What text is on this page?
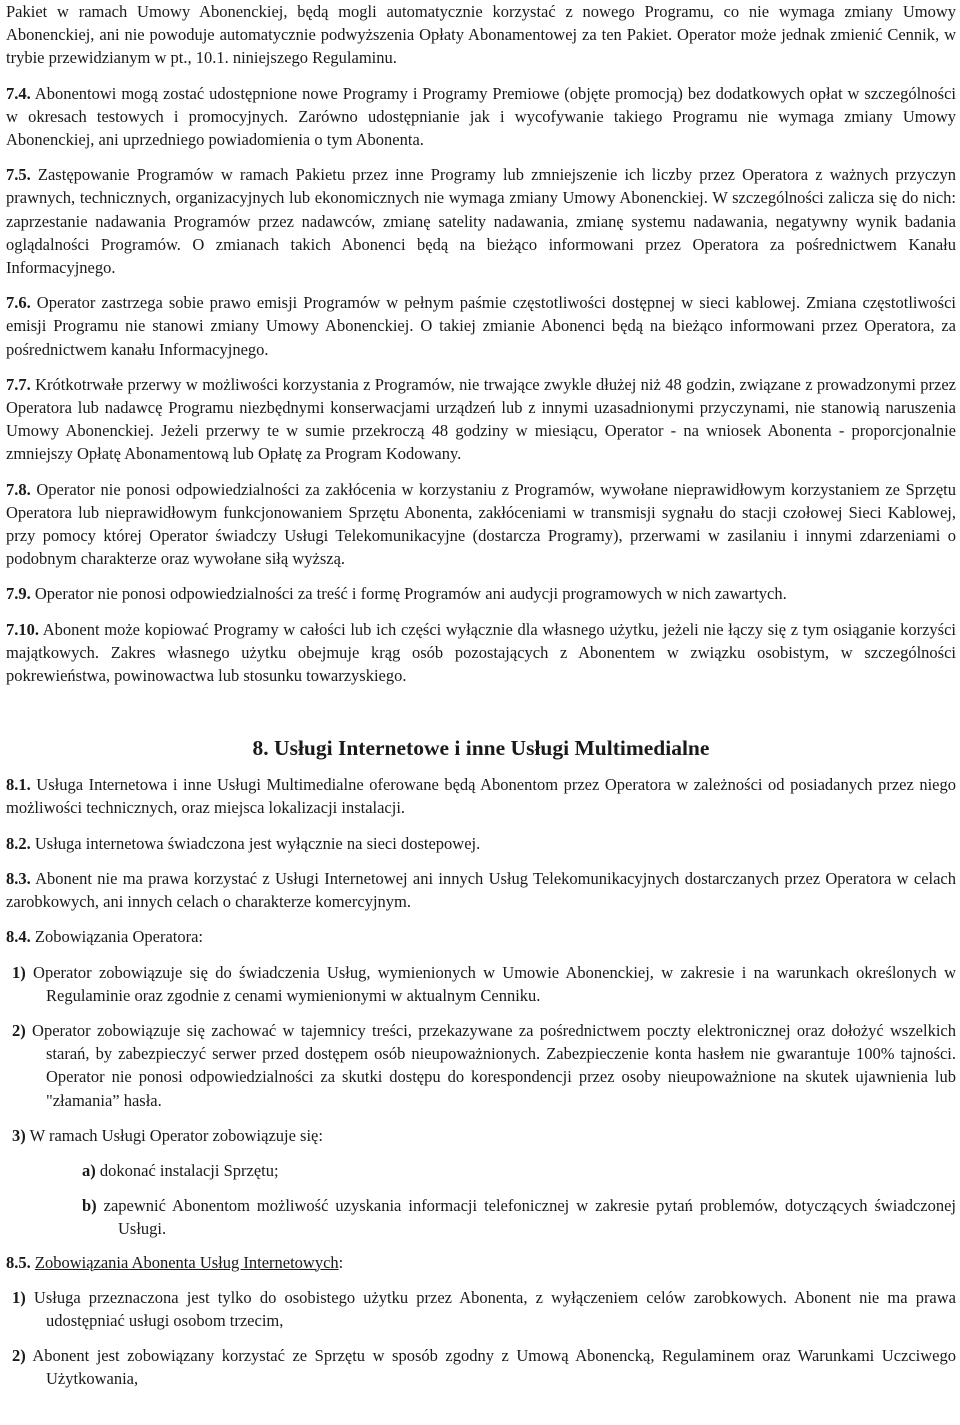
Pakiet w ramach Umowy Abonenckiej, będą mogli automatycznie korzystać z nowego Programu, co nie wymaga zmiany Umowy Abonenckiej, ani nie powoduje automatycznie podwyższenia Opłaty Abonamentowej za ten Pakiet. Operator może jednak zmienić Cennik, w trybie przewidzianym w pt., 10.1. niniejszego Regulaminu.

7.4. Abonentowi mogą zostać udostępnione nowe Programy i Programy Premiowe (objęte promocją) bez dodatkowych opłat w szczególności w okresach testowych i promocyjnych. Zarówno udostępnianie jak i wycofywanie takiego Programu nie wymaga zmiany Umowy Abonenckiej, ani uprzedniego powiadomienia o tym Abonenta.

7.5. Zastępowanie Programów w ramach Pakietu przez inne Programy lub zmniejszenie ich liczby przez Operatora z ważnych przyczyn prawnych, technicznych, organizacyjnych lub ekonomicznych nie wymaga zmiany Umowy Abonenckiej. W szczególności zalicza się do nich: zaprzestanie nadawania Programów przez nadawców, zmianę satelity nadawania, zmianę systemu nadawania, negatywny wynik badania oglądalności Programów. O zmianach takich Abonenci będą na bieżąco informowani przez Operatora za pośrednictwem Kanału Informacyjnego.

7.6. Operator zastrzega sobie prawo emisji Programów w pełnym paśmie częstotliwości dostępnej w sieci kablowej. Zmiana częstotliwości emisji Programu nie stanowi zmiany Umowy Abonenckiej. O takiej zmianie Abonenci będą na bieżąco informowani przez Operatora, za pośrednictwem kanału Informacyjnego.

7.7. Krótkotrwałe przerwy w możliwości korzystania z Programów, nie trwające zwykle dłużej niż 48 godzin, związane z prowadzonymi przez Operatora lub nadawcę Programu niezbędnymi konserwacjami urządzeń lub z innymi uzasadnionymi przyczynami, nie stanowią naruszenia Umowy Abonenckiej. Jeżeli przerwy te w sumie przekroczą 48 godziny w miesiącu, Operator - na wniosek Abonenta - proporcjonalnie zmniejszy Opłatę Abonamentową lub Opłatę za Program Kodowany.

7.8. Operator nie ponosi odpowiedzialności za zakłócenia w korzystaniu z Programów, wywołane nieprawidłowym korzystaniem ze Sprzętu Operatora lub nieprawidłowym funkcjonowaniem Sprzętu Abonenta, zakłóceniami w transmisji sygnału do stacji czołowej Sieci Kablowej, przy pomocy której Operator świadczy Usługi Telekomunikacyjne (dostarcza Programy), przerwami w zasilaniu i innymi zdarzeniami o podobnym charakterze oraz wywołane siłą wyższą.

7.9. Operator nie ponosi odpowiedzialności za treść i formę Programów ani audycji programowych w nich zawartych.

7.10. Abonent może kopiować Programy w całości lub ich części wyłącznie dla własnego użytku, jeżeli nie łączy się z tym osiąganie korzyści majątkowych. Zakres własnego użytku obejmuje krąg osób pozostających z Abonentem w związku osobistym, w szczególności pokrewieństwa, powinowactwa lub stosunku towarzyskiego.

8. Usługi Internetowe i inne Usługi Multimedialne

8.1. Usługa Internetowa i inne Usługi Multimedialne oferowane będą Abonentom przez Operatora w zależności od posiadanych przez niego możliwości technicznych, oraz miejsca lokalizacji instalacji.

8.2. Usługa internetowa świadczona jest wyłącznie na sieci dostepowej.

8.3. Abonent nie ma prawa korzystać z Usługi Internetowej ani innych Usług Telekomunikacyjnych dostarczanych przez Operatora w celach zarobkowych, ani innych celach o charakterze komercyjnym.

8.4. Zobowiązania Operatora:

1) Operator zobowiązuje się do świadczenia Usług, wymienionych w Umowie Abonenckiej, w zakresie i na warunkach określonych w Regulaminie oraz zgodnie z cenami wymienionymi w aktualnym Cenniku.

2) Operator zobowiązuje się zachować w tajemnicy treści, przekazywane za pośrednictwem poczty elektronicznej oraz dołożyć wszelkich starań, by zabezpieczyć serwer przed dostępem osób nieupoważnionych. Zabezpieczenie konta hasłem nie gwarantuje 100% tajności. Operator nie ponosi odpowiedzialności za skutki dostępu do korespondencji przez osoby nieupoważnione na skutek ujawnienia lub "złamania” hasła.

3) W ramach Usługi Operator zobowiązuje się:

a) dokonać instalacji Sprzętu;

b) zapewnić Abonentom możliwość uzyskania informacji telefonicznej w zakresie pytań problemów, dotyczących świadczonej Usługi.

8.5. Zobowiązania Abonenta Usług Internetowych:

1) Usługa przeznaczona jest tylko do osobistego użytku przez Abonenta, z wyłączeniem celów zarobkowych. Abonent nie ma prawa udostępniać usługi osobom trzecim,

2) Abonent jest zobowiązany korzystać ze Sprzętu w sposób zgodny z Umową Abonencką, Regulaminem oraz Warunkami Uczciwego Użytkowania,
